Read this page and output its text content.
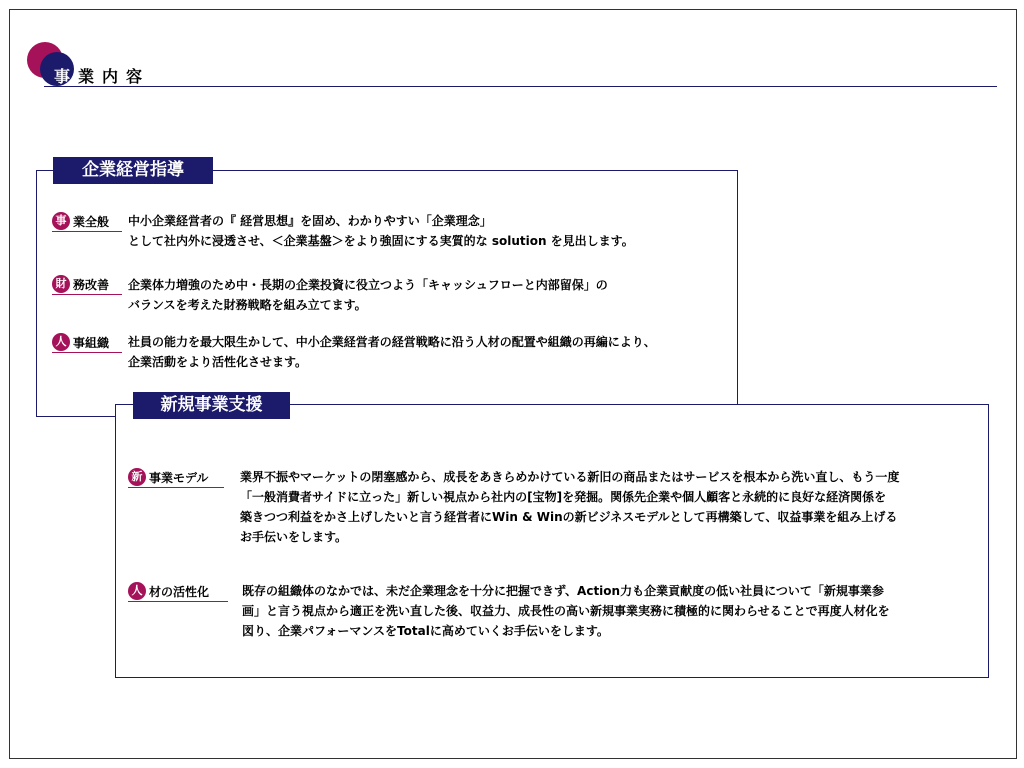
事業内容
企業経営指導
事 業全般 中小企業経営者の『 経営思想』を固め、わかりやすい「企業理念」
として社内外に浸透させ、＜企業基盤＞をより強固にする実質的な solution を見出します。
財 務改善 企業体力増強のため中・長期の企業投資に役立つよう「キャッシュフローと内部留保」の
バランスを考えた財務戦略を組み立てます。
人 事組織 社員の能力を最大限生かして、中小企業経営者の経営戦略に沿う人材の配置や組織の再編により、
企業活動をより活性化させます。
新規事業支援
新 事業モデル	業界不振やマーケットの閉塞感から、成長をあきらめかけている新旧の商品またはサービスを根本から洗い直し、もう一度
「一般消費者サイドに立った」新しい視点から社内の[宝物]を発掘。関係先企業や個人顧客と永続的に良好な経済関係を
築きつつ利益をかさ上げしたいと言う経営者にWin & Winの新ビジネスモデルとして再構築して、収益事業を組み上げる
お手伝いをします。
人 材の活性化	既存の組織体のなかでは、未だ企業理念を十分に把握できず、Action力も企業貢献度の低い社員について「新規事業参
画」と言う視点から適正を洗い直した後、収益力、成長性の高い新規事業実務に積極的に関わらせることで再度人材化を
図り、企業パフォーマンスをTotalに高めていくお手伝いをします。
